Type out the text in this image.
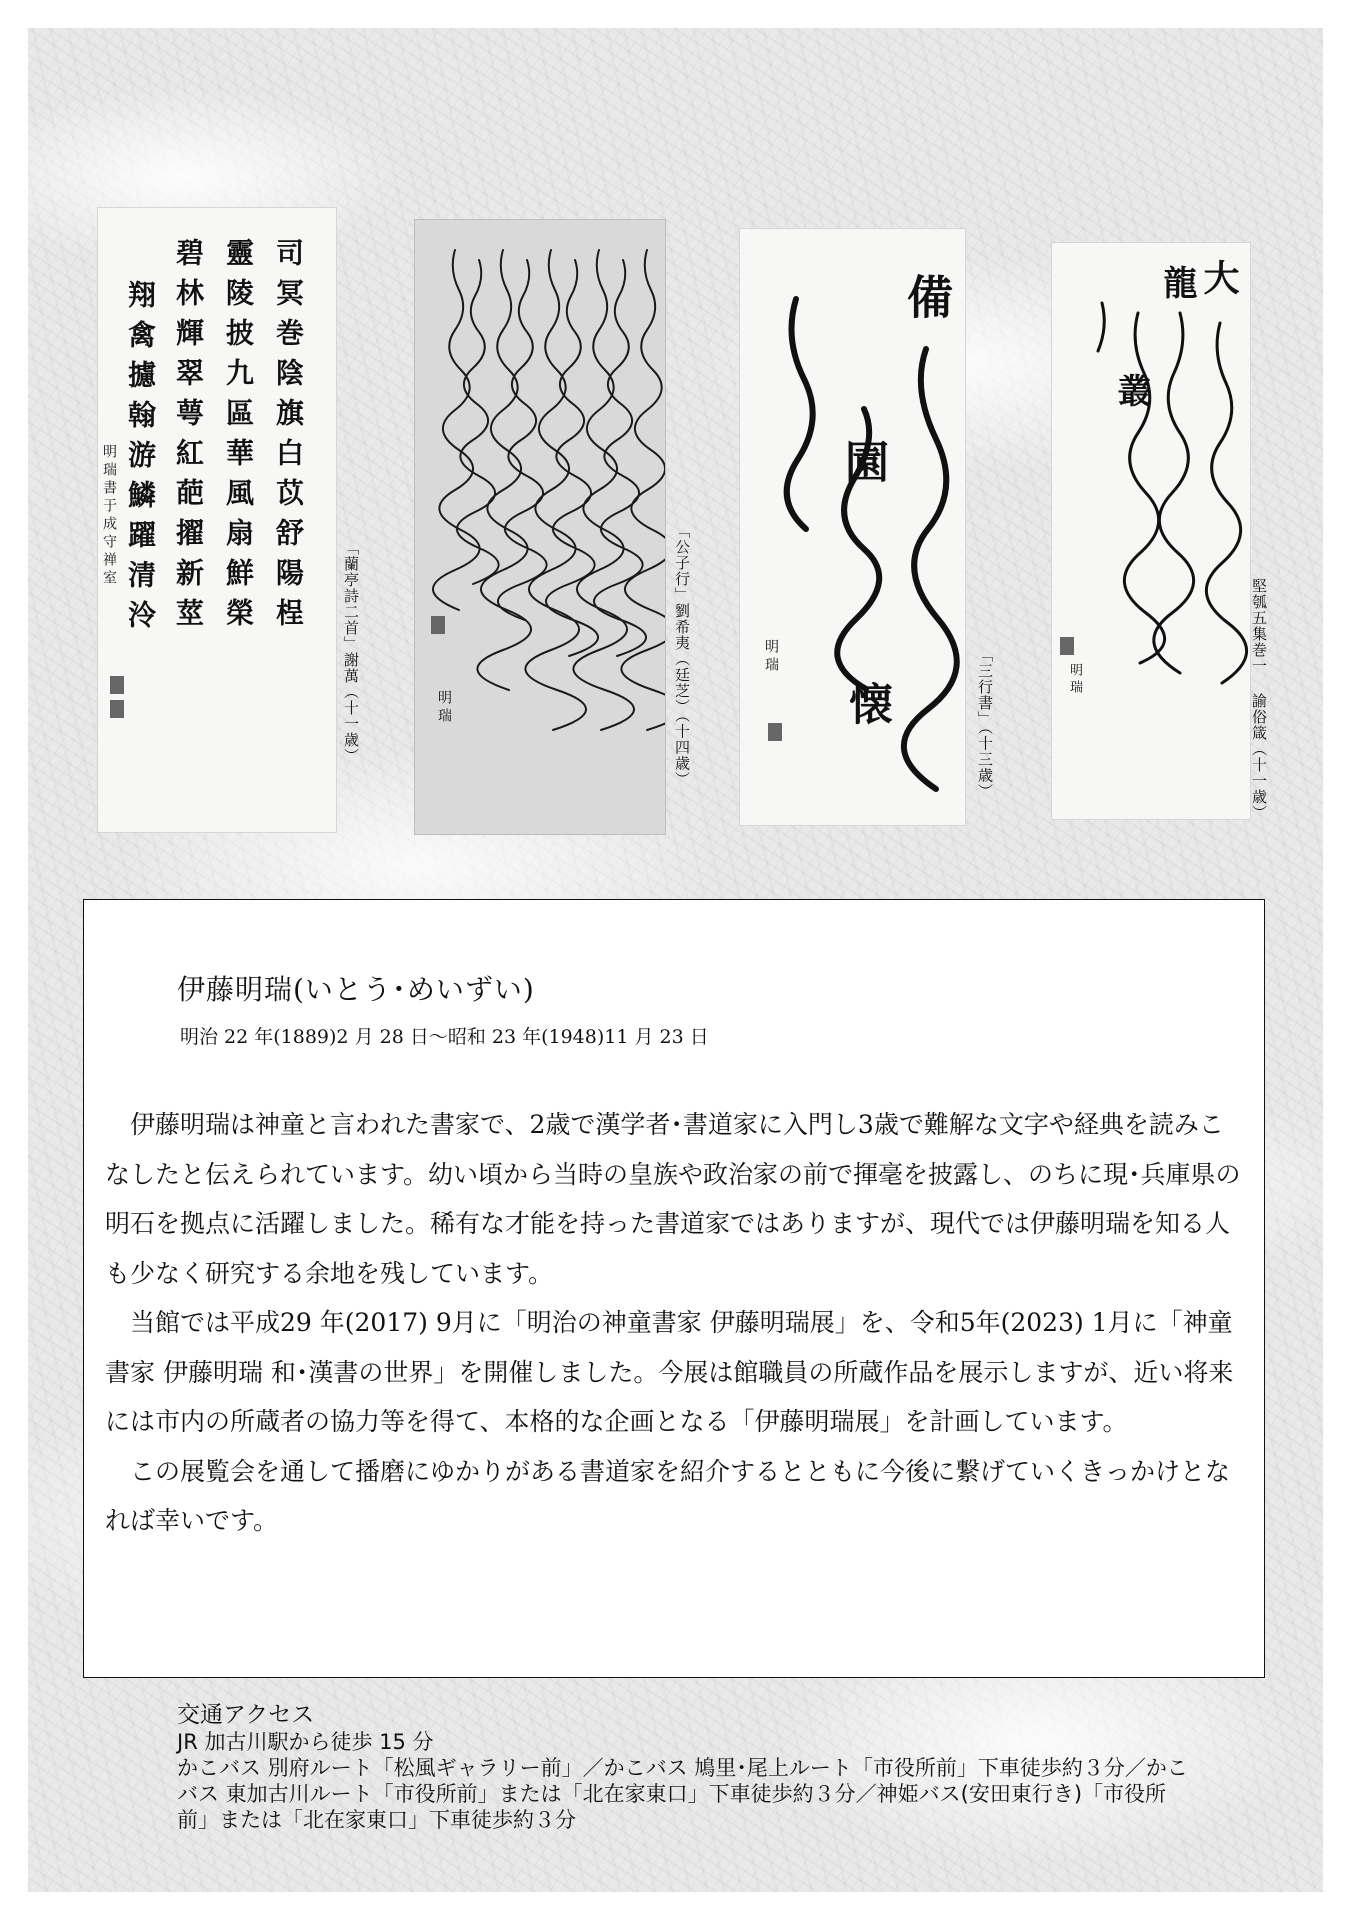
司冥巻陰旗白苡舒陽桯
靈陵披九區華風扇鮮榮
碧林輝翠萼紅葩擢新莖
翔禽攄翰游鱗躍清泠
明瑞書于成守禅室
「蘭亭詩二首」謝萬（十一歳）	明瑞	「公子行」劉希夷（廷芝）（十四歳）
備
園
懐
明瑞	「三行書」（十三歳）
大
龍
叢
明瑞	堅瓠五集巻一 諭俗箴（十一歳）
伊藤明瑞(いとう･めいずい)
明治 22 年(1889)2 月 28 日～昭和 23 年(1948)11 月 23 日

伊藤明瑞は神童と言われた書家で、2歳で漢学者･書道家に入門し3歳で難解な文字や経典を読みこなしたと伝えられています。幼い頃から当時の皇族や政治家の前で揮毫を披露し、のちに現･兵庫県の明石を拠点に活躍しました。稀有な才能を持った書道家ではありますが、現代では伊藤明瑞を知る人も少なく研究する余地を残しています。

当館では平成29 年(2017) 9月に「明治の神童書家 伊藤明瑞展」を、令和5年(2023) 1月に「神童書家 伊藤明瑞 和･漢書の世界」を開催しました。今展は館職員の所蔵作品を展示しますが、近い将来には市内の所蔵者の協力等を得て、本格的な企画となる「伊藤明瑞展」を計画しています。

この展覧会を通して播磨にゆかりがある書道家を紹介するとともに今後に繋げていくきっかけとなれば幸いです。

交通アクセス
JR 加古川駅から徒歩 15 分
かこバス 別府ルート「松風ギャラリー前」／かこバス 鳩里･尾上ルート「市役所前」下車徒歩約３分／かこバス 東加古川ルート「市役所前」または「北在家東口」下車徒歩約３分／神姫バス(安田東行き)「市役所前」または「北在家東口」下車徒歩約３分
